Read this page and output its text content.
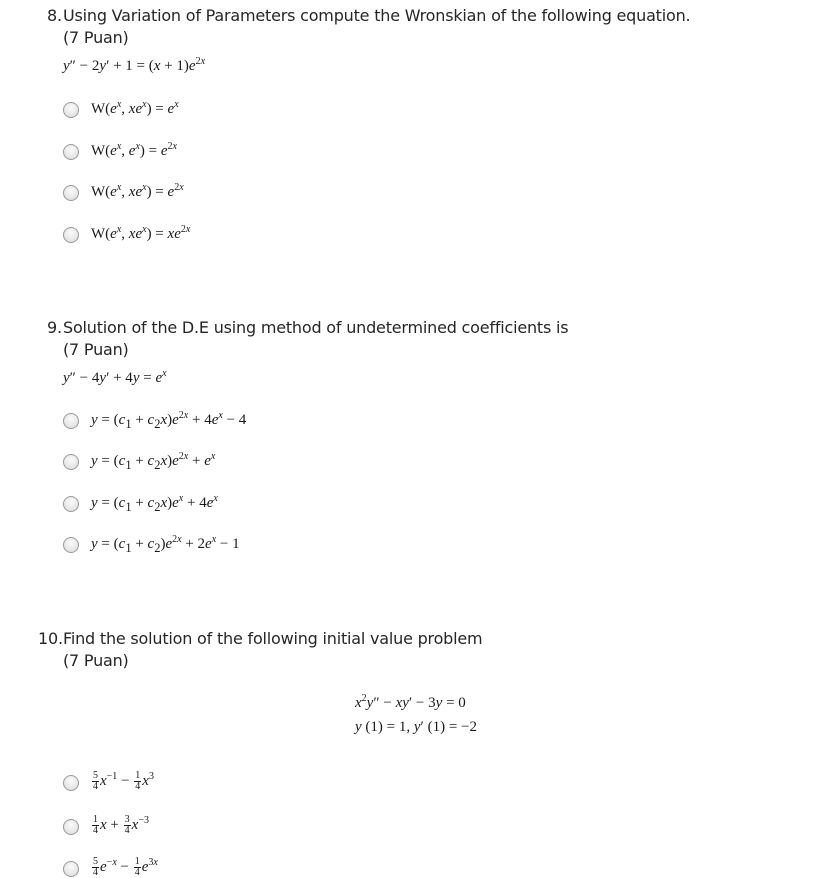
8. Using Variation of Parameters compute the Wronskian of the following equation.
(7 Puan)
$y'' - 2y' + 1 = (x + 1)e^{2x}$
$W(e^x$, $xe^x) = e^x$
$W(e^x$, $e^x) = e^{2x}$
$W(e^x$, $xe^x) = e^{2x}$
$W(e^x$, $xe^x) = xe^{2x}$
9. Solution of the D.E using method of undetermined coefficients is
(7 Puan)
$y'' - 4y' + 4y = e^x$
$y = (c_1 + c_2x)e^{2x} + 4e^x - 4$
$y = (c_1 + c_2x)e^{2x} + e^x$
$y = (c_1 + c_2x)e^x + 4e^x$
$y = (c_1 + c_2)e^{2x} + 2e^x - 1$
10. Find the solution of the following initial value problem
(7 Puan)
$x^2y'' - xy' - 3y = 0$
y (1) = 1, y′ (1) = −2
$\frac{5}{4} x^{-1} - \frac{1}{4} x^3$
$\frac{1}{4}$ $x + \frac{3}{4} x^{-3}$
$\frac{5}{4} e^{-x} - \frac{1}{4} e^{3x}$
